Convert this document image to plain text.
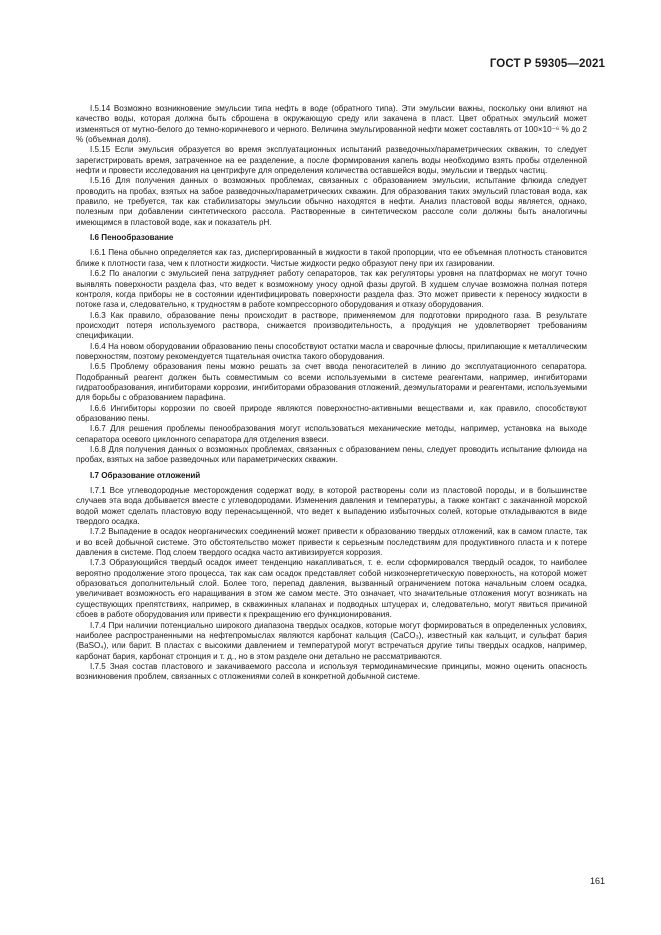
ГОСТ Р 59305—2021

I.5.14 Возможно возникновение эмульсии типа нефть в воде (обратного типа). Эти эмульсии важны, поскольку они влияют на качество воды, которая должна быть сброшена в окружающую среду или закачена в пласт. Цвет обратных эмульсий может изменяться от мутно-белого до темно-коричневого и черного. Величина эмульгированной нефти может составлять от 100×10⁻⁶ % до 2 % (объемная доля).

I.5.15 Если эмульсия образуется во время эксплуатационных испытаний разведочных/параметрических скважин, то следует зарегистрировать время, затраченное на ее разделение, а после формирования капель воды необходимо взять пробы отделенной нефти и провести исследования на центрифуге для определения количества оставшейся воды, эмульсии и твердых частиц.

I.5.16 Для получения данных о возможных проблемах, связанных с образованием эмульсии, испытание флюида следует проводить на пробах, взятых на забое разведочных/параметрических скважин. Для образования таких эмульсий пластовая вода, как правило, не требуется, так как стабилизаторы эмульсии обычно находятся в нефти. Анализ пластовой воды является, однако, полезным при добавлении синтетического рассола. Растворенные в синтетическом рассоле соли должны быть аналогичны имеющимся в пластовой воде, как и показатель pH.

I.6 Пенообразование

I.6.1 Пена обычно определяется как газ, диспергированный в жидкости в такой пропорции, что ее объемная плотность становится ближе к плотности газа, чем к плотности жидкости. Чистые жидкости редко образуют пену при их газировании.

I.6.2 По аналогии с эмульсией пена затрудняет работу сепараторов, так как регуляторы уровня на платформах не могут точно выявлять поверхности раздела фаз, что ведет к возможному уносу одной фазы другой. В худшем случае возможна полная потеря контроля, когда приборы не в состоянии идентифицировать поверхности раздела фаз. Это может привести к переносу жидкости в потоке газа и, следовательно, к трудностям в работе компрессорного оборудования и отказу оборудования.

I.6.3 Как правило, образование пены происходит в растворе, применяемом для подготовки природного газа. В результате происходит потеря используемого раствора, снижается производительность, а продукция не удовлетворяет требованиям спецификации.

I.6.4 На новом оборудовании образованию пены способствуют остатки масла и сварочные флюсы, прилипающие к металлическим поверхностям, поэтому рекомендуется тщательная очистка такого оборудования.

I.6.5 Проблему образования пены можно решать за счет ввода пеногасителей в линию до эксплуатационного сепаратора. Подобранный реагент должен быть совместимым со всеми используемыми в системе реагентами, например, ингибиторами гидратообразования, ингибиторами коррозии, ингибиторами образования отложений, деэмульгаторами и реагентами, используемыми для борьбы с образованием парафина.

I.6.6 Ингибиторы коррозии по своей природе являются поверхностно-активными веществами и, как правило, способствуют образованию пены.

I.6.7 Для решения проблемы пенообразования могут использоваться механические методы, например, установка на выходе сепаратора осевого циклонного сепаратора для отделения взвеси.

I.6.8 Для получения данных о возможных проблемах, связанных с образованием пены, следует проводить испытание флюида на пробах, взятых на забое разведочных или параметрических скважин.

I.7 Образование отложений

I.7.1 Все углеводородные месторождения содержат воду, в которой растворены соли из пластовой породы, и в большинстве случаев эта вода добывается вместе с углеводородами. Изменения давления и температуры, а также контакт с закачанной морской водой может сделать пластовую воду перенасыщенной, что ведет к выпадению избыточных солей, которые откладываются в виде твердого осадка.

I.7.2 Выпадение в осадок неорганических соединений может привести к образованию твердых отложений, как в самом пласте, так и во всей добычной системе. Это обстоятельство может привести к серьезным последствиям для продуктивного пласта и к потере давления в системе. Под слоем твердого осадка часто активизируется коррозия.

I.7.3 Образующийся твердый осадок имеет тенденцию накапливаться, т. е. если сформировался твердый осадок, то наиболее вероятно продолжение этого процесса, так как сам осадок представляет собой низкоэнергетическую поверхность, на которой может образоваться дополнительный слой. Более того, перепад давления, вызванный ограничением потока начальным слоем осадка, увеличивает возможность его наращивания в этом же самом месте. Это означает, что значительные отложения могут возникать на существующих препятствиях, например, в скважинных клапанах и подводных штуцерах и, следовательно, могут явиться причиной сбоев в работе оборудования или привести к прекращению его функционирования.

I.7.4 При наличии потенциально широкого диапазона твердых осадков, которые могут формироваться в определенных условиях, наиболее распространенными на нефтепромыслах являются карбонат кальция (CaCO₃), известный как кальцит, и сульфат бария (BaSO₄), или барит. В пластах с высокими давлением и температурой могут встречаться другие типы твердых осадков, например, карбонат бария, карбонат стронция и т. д., но в этом разделе они детально не рассматриваются.

I.7.5 Зная состав пластового и закачиваемого рассола и используя термодинамические принципы, можно оценить опасность возникновения проблем, связанных с отложениями солей в конкретной добычной системе.

161
